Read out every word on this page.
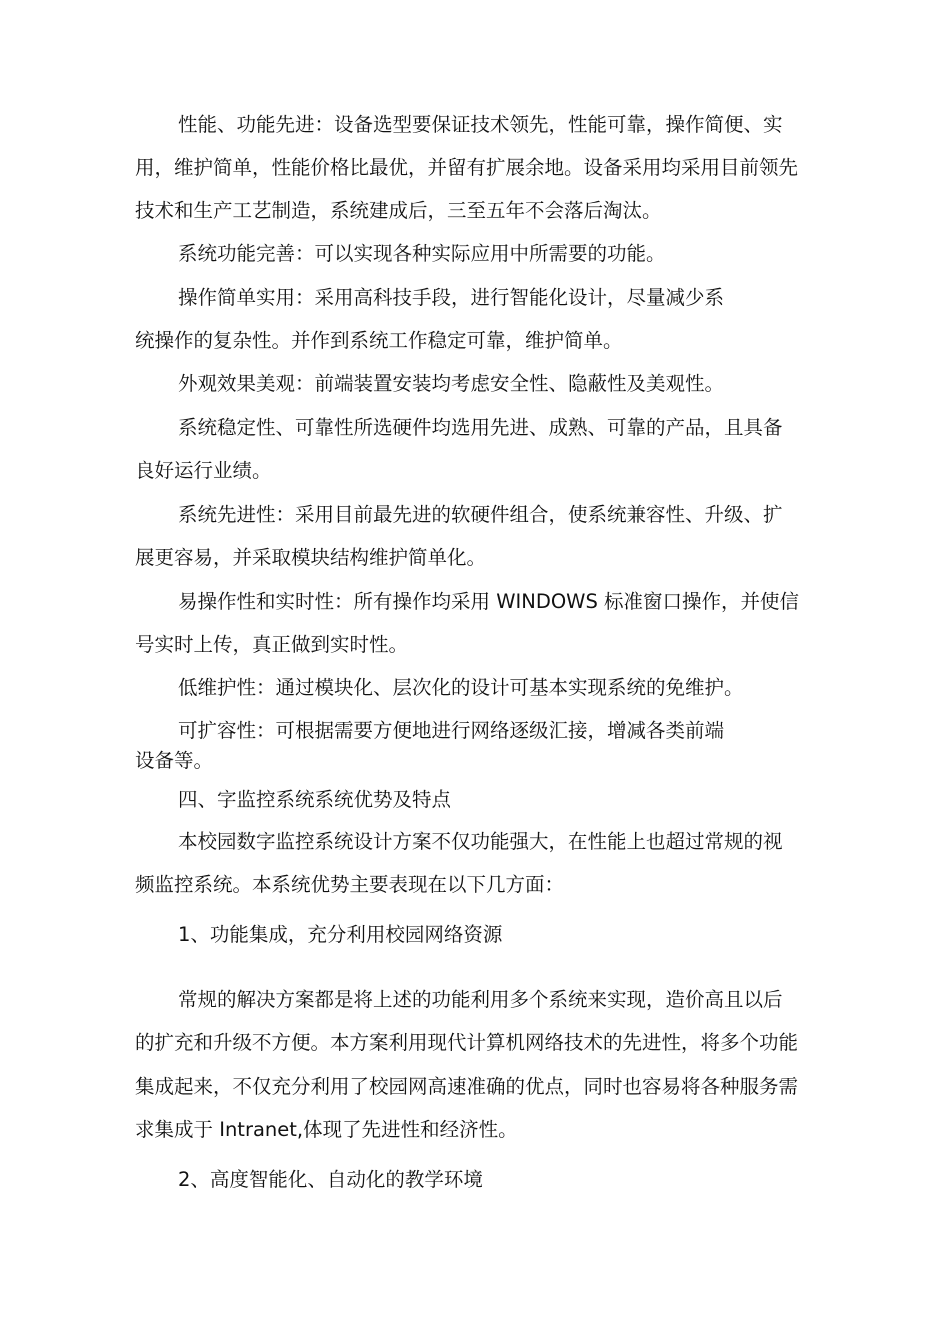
性能、功能先进：设备选型要保证技术领先，性能可靠，操作简便、实

用，维护简单，性能价格比最优，并留有扩展余地。设备采用均采用目前领先

技术和生产工艺制造，系统建成后，三至五年不会落后淘汰。

系统功能完善：可以实现各种实际应用中所需要的功能。

操作简单实用：采用高科技手段，进行智能化设计，尽量减少系

统操作的复杂性。并作到系统工作稳定可靠，维护简单。

外观效果美观：前端装置安装均考虑安全性、隐蔽性及美观性。

系统稳定性、可靠性所选硬件均选用先进、成熟、可靠的产品，且具备

良好运行业绩。

系统先进性：采用目前最先进的软硬件组合，使系统兼容性、升级、扩

展更容易，并采取模块结构维护简单化。

易操作性和实时性：所有操作均采用 WINDOWS 标准窗口操作，并使信

号实时上传，真正做到实时性。

低维护性：通过模块化、层次化的设计可基本实现系统的免维护。

可扩容性：可根据需要方便地进行网络逐级汇接，增减各类前端

设备等。

四、字监控系统系统优势及特点

本校园数字监控系统设计方案不仅功能强大，在性能上也超过常规的视

频监控系统。本系统优势主要表现在以下几方面：

1、功能集成，充分利用校园网络资源

常规的解决方案都是将上述的功能利用多个系统来实现，造价高且以后

的扩充和升级不方便。本方案利用现代计算机网络技术的先进性，将多个功能

集成起来，不仅充分利用了校园网高速准确的优点，同时也容易将各种服务需

求集成于 Intranet,体现了先进性和经济性。

2、高度智能化、自动化的教学环境
